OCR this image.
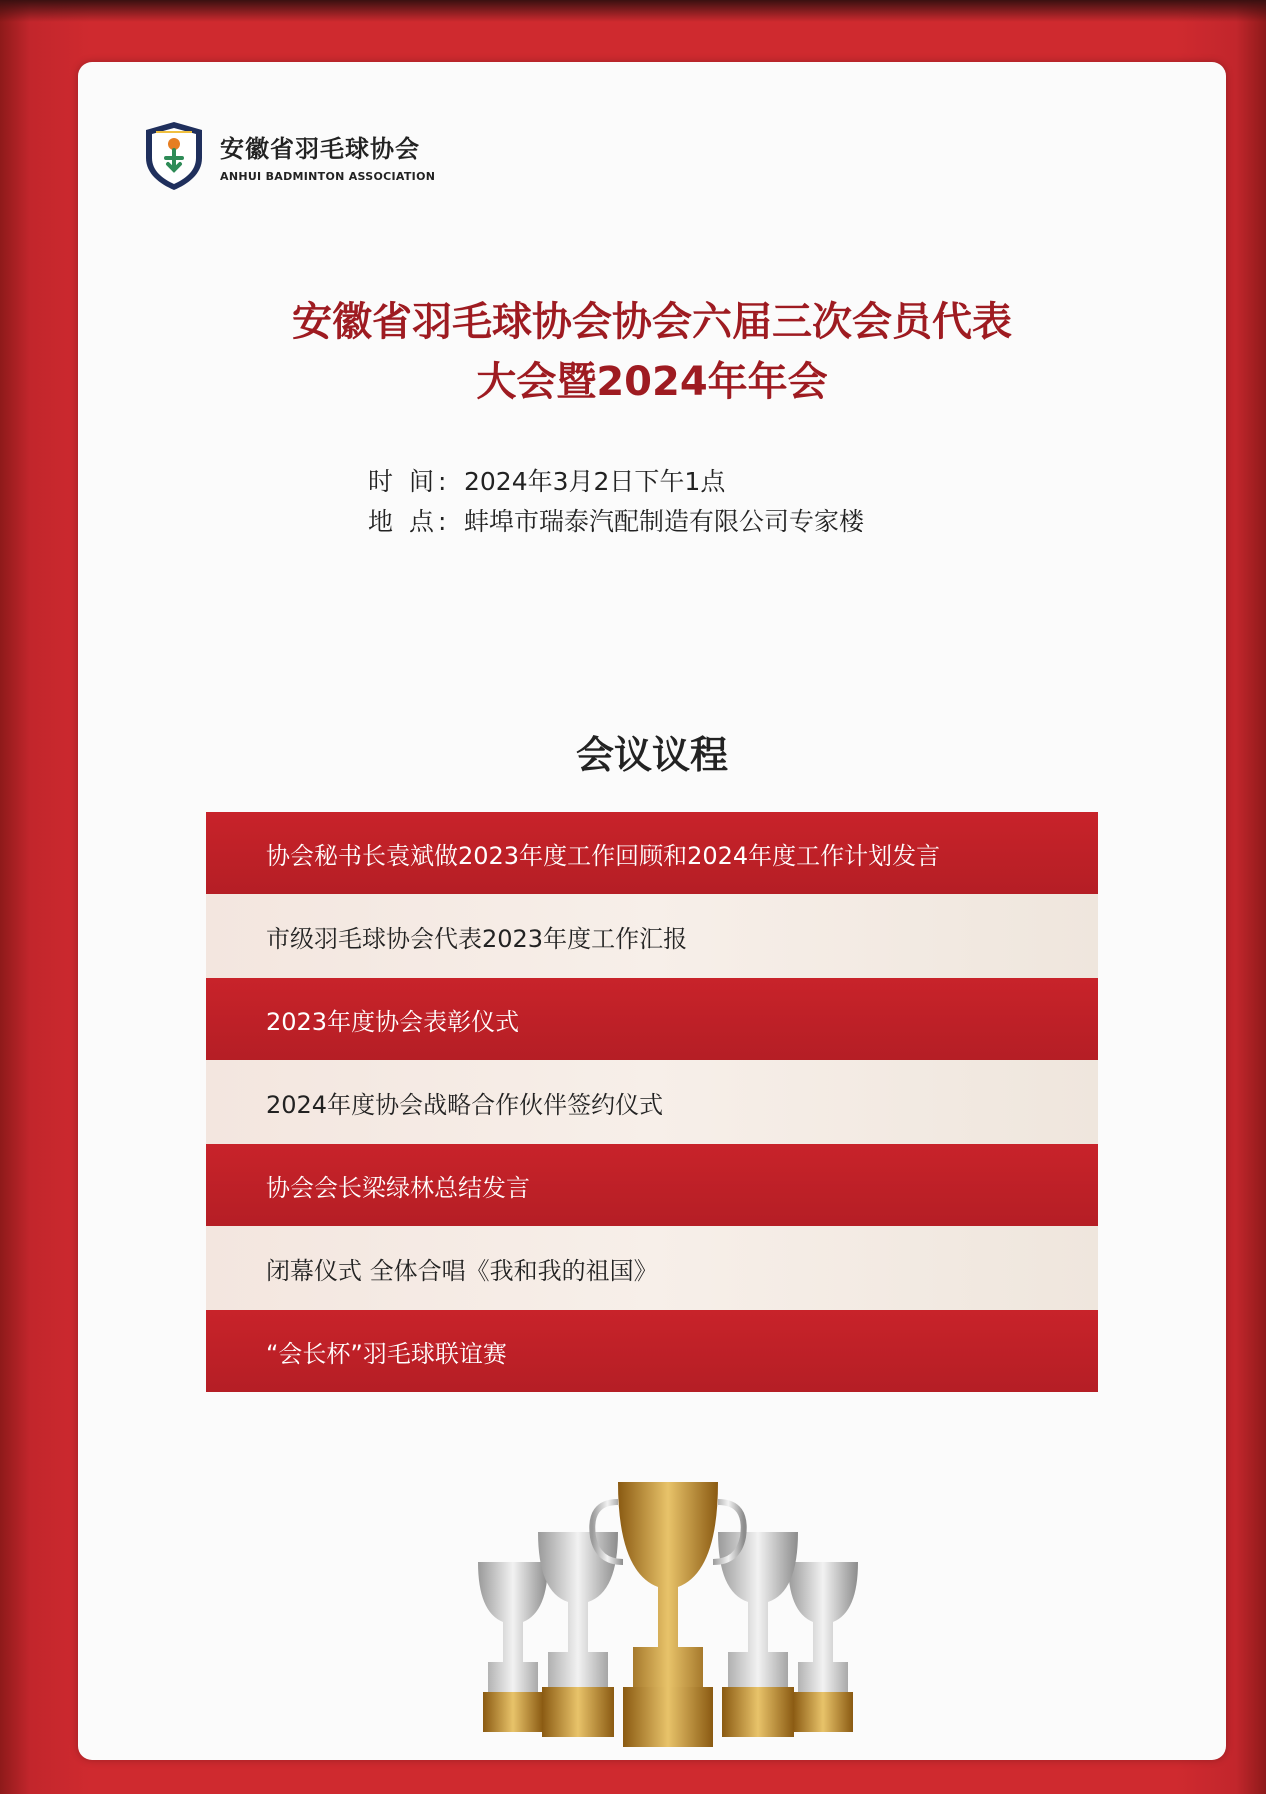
安徽省羽毛球协会
ANHUI BADMINTON ASSOCIATION
安徽省羽毛球协会协会六届三次会员代表
大会暨2024年年会
时 间: 2024年3月2日下午1点
地 点: 蚌埠市瑞泰汽配制造有限公司专家楼
会议议程
协会秘书长袁斌做2023年度工作回顾和2024年度工作计划发言
市级羽毛球协会代表2023年度工作汇报
2023年度协会表彰仪式
2024年度协会战略合作伙伴签约仪式
协会会长梁绿林总结发言
闭幕仪式 全体合唱《我和我的祖国》
“会长杯”羽毛球联谊赛
